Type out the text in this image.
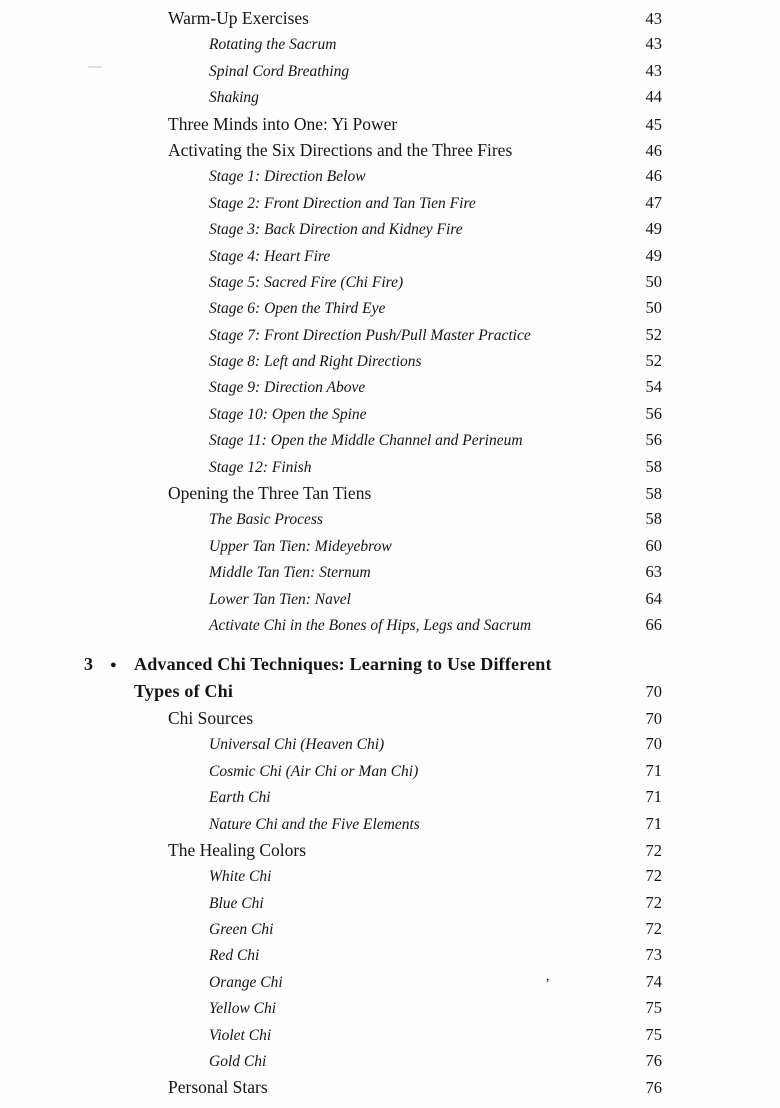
Warm-Up Exercises	43
Rotating the Sacrum	43
Spinal Cord Breathing	43
Shaking	44
Three Minds into One: Yi Power	45
Activating the Six Directions and the Three Fires	46
Stage 1: Direction Below	46
Stage 2: Front Direction and Tan Tien Fire	47
Stage 3: Back Direction and Kidney Fire	49
Stage 4: Heart Fire	49
Stage 5: Sacred Fire (Chi Fire)	50
Stage 6: Open the Third Eye	50
Stage 7: Front Direction Push/Pull Master Practice	52
Stage 8: Left and Right Directions	52
Stage 9: Direction Above	54
Stage 10: Open the Spine	56
Stage 11: Open the Middle Channel and Perineum	56
Stage 12: Finish	58
Opening the Three Tan Tiens	58
The Basic Process	58
Upper Tan Tien: Mideyebrow	60
Middle Tan Tien: Sternum	63
Lower Tan Tien: Navel	64
Activate Chi in the Bones of Hips, Legs and Sacrum	66
3	● Advanced Chi Techniques: Learning to Use Different
Types of Chi	70
Chi Sources	70
Universal Chi (Heaven Chi)	70
Cosmic Chi (Air Chi or Man Chi)	71
Earth Chi	71
Nature Chi and the Five Elements	71
The Healing Colors	72
White Chi	72
Blue Chi	72
Green Chi	72
Red Chi	73
Orange Chi	74
Yellow Chi	75
Violet Chi	75
Gold Chi	76
Personal Stars	76
’
